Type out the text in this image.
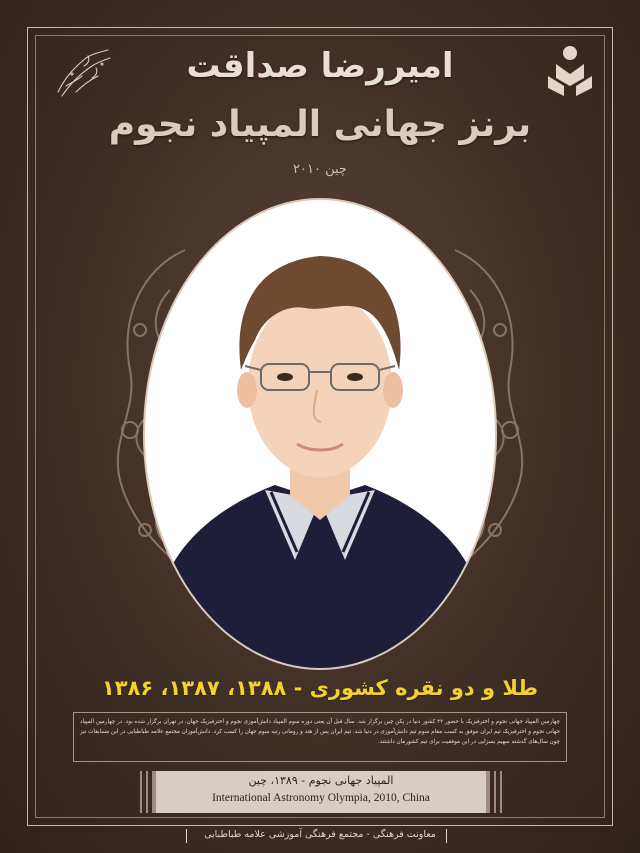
امیررضا صداقت
برنز جهانی المپیاد نجوم
چین ۲۰۱۰
طلا و دو نقره کشوری - ۱۳۸۸، ۱۳۸۷، ۱۳۸۶
چهارمین المپیاد جهانی نجوم و اخترفیزیک با حضور ۲۲ کشور دنیا در پکن چین برگزار شد. سال قبل آن یعنی دوره سوم المپیاد دانش‌آموزی نجوم و اخترفیزیک جهان، در تهران برگزار شده بود. در چهارمین المپیاد جهانی نجوم و اخترفیزیک تیم ایران موفق به کسب مقام سوم تیم دانش‌آموزی در دنیا شد. تیم ایران پس از هند و رومانی رتبه سوم جهان را کسب کرد. دانش‌آموزان مجتمع علامه طباطبایی در این مسابقات نیز چون سال‌های گذشته سهیم بسزایی در این موفقیت برای تیم کشورمان داشتند.
المپیاد جهانی نجوم - ۱۳۸۹، چین
International Astronomy Olympia, 2010, China
معاونت فرهنگی - مجتمع فرهنگی آموزشی علامه طباطبایی
